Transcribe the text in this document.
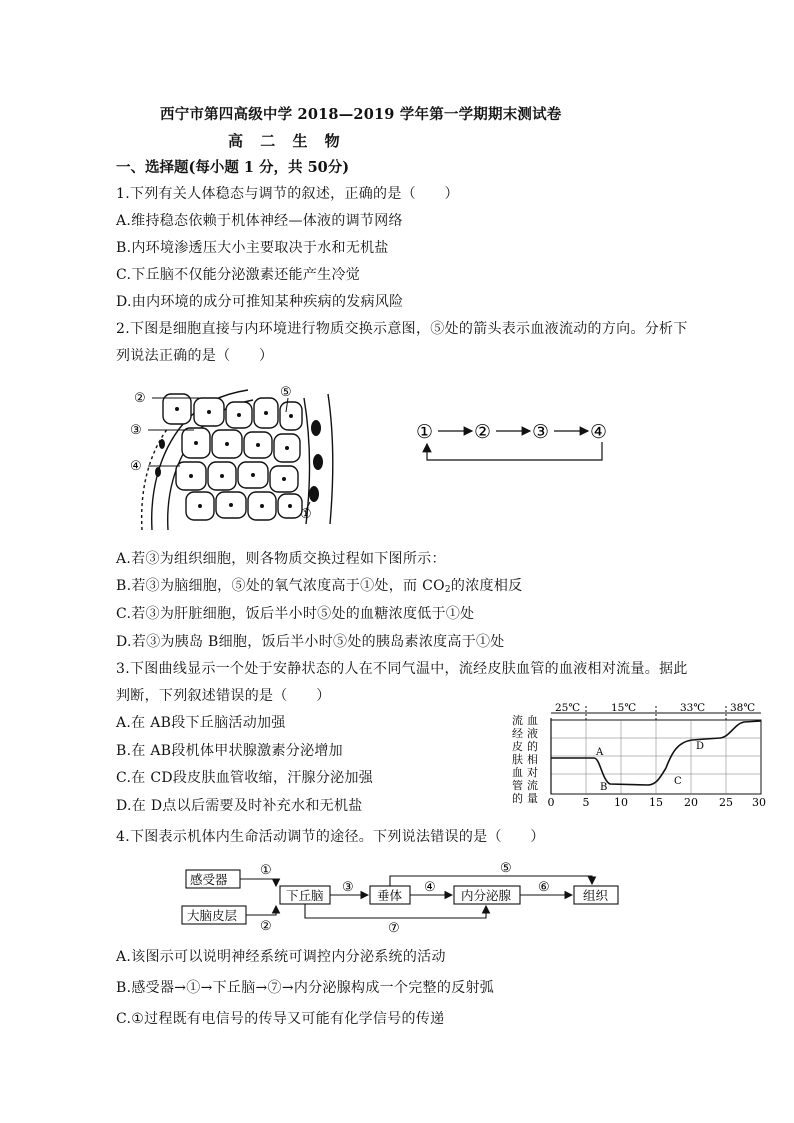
西宁市第四高级中学 2018—2019 学年第一学期期末测试卷
高 二 生 物
一、选择题(每小题 1 分，共 50分)
1.下列有关人体稳态与调节的叙述，正确的是（　　）
A.维持稳态依赖于机体神经—体液的调节网络
B.内环境渗透压大小主要取决于水和无机盐
C.下丘脑不仅能分泌激素还能产生冷觉
D.由内环境的成分可推知某种疾病的发病风险
2.下图是细胞直接与内环境进行物质交换示意图，⑤处的箭头表示血液流动的方向。分析下
列说法正确的是（　　）
②
③
④
⑤
①
① ② ③ ④
A.若③为组织细胞，则各物质交换过程如下图所示：
B.若③为脑细胞，⑤处的氧气浓度高于①处，而 CO2的浓度相反
C.若③为肝脏细胞，饭后半小时⑤处的血糖浓度低于①处
D.若③为胰岛 B细胞，饭后半小时⑤处的胰岛素浓度高于①处
3.下图曲线显示一个处于安静状态的人在不同气温中，流经皮肤血管的血液相对流量。据此
判断，下列叙述错误的是（　　）
A.在 AB段下丘脑活动加强
B.在 AB段机体甲状腺激素分泌增加
C.在 CD段皮肤血管收缩，汗腺分泌加强
D.在 D点以后需要及时补充水和无机盐
25℃	15℃	33℃ 38℃
流
经
皮
肤
血
管
的
血
液
的
相
对
流
量 0	5 10 15 20 25 30
A
B
C
D
4.下图表示机体内生命活动调节的途径。下列说法错误的是（　　）
感受器
大脑皮层
下丘脑	垂体	内分泌腺	组织
①
②
③	④
⑤
⑥
⑦
A.该图示可以说明神经系统可调控内分泌系统的活动
B.感受器→①→下丘脑→⑦→内分泌腺构成一个完整的反射弧
C.①过程既有电信号的传导又可能有化学信号的传递
